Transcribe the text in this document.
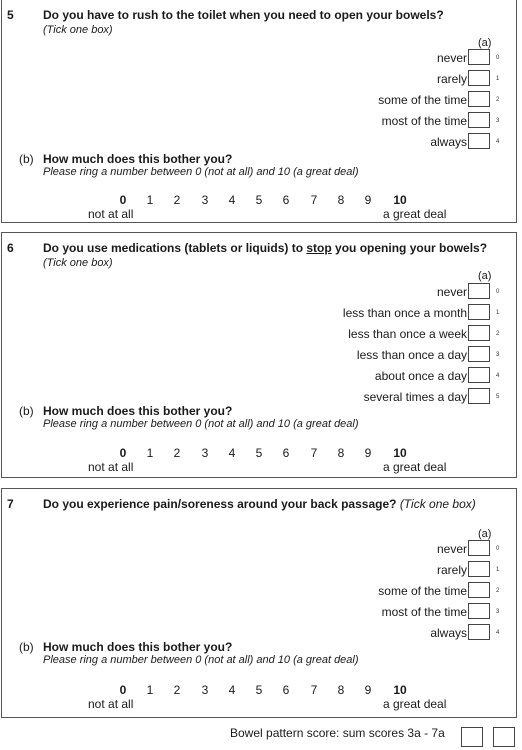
5 Do you have to rush to the toilet when you need to open your bowels?
(Tick one box)
(a)
never	0
rarely	1
some of the time	2
most of the time	3
always	4
(b) How much does this bother you?
Please ring a number between 0 (not at all) and 10 (a great deal)
0	1	2	3	4	5	6	7	8	9	10
not at all	a great deal
6 Do you use medications (tablets or liquids) to stop you opening your bowels?
(Tick one box)
(a)
never	0
less than once a month	1
less than once a week	2
less than once a day	3
about once a day	4
several times a day	5
(b) How much does this bother you?
Please ring a number between 0 (not at all) and 10 (a great deal)
0	1	2	3	4	5	6	7	8	9	10
not at all	a great deal
7 Do you experience pain/soreness around your back passage? (Tick one box)
(a)
never	0
rarely	1
some of the time	2
most of the time	3
always	4
(b) How much does this bother you?
Please ring a number between 0 (not at all) and 10 (a great deal)
0	1	2	3	4	5	6	7	8	9	10
not at all	a great deal
Bowel pattern score: sum scores 3a - 7a
